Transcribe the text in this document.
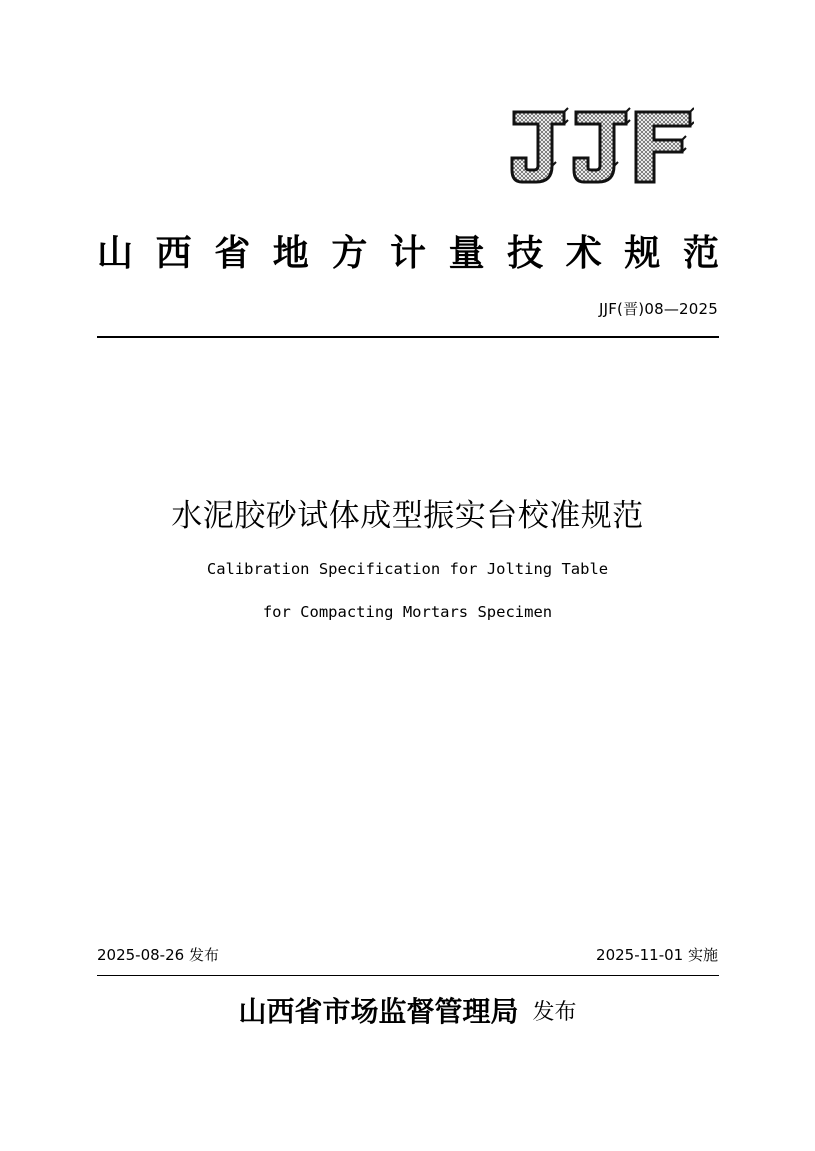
山 西 省 地 方 计 量 技 术 规 范
JJF(晋)08—2025
水泥胶砂试体成型振实台校准规范
Calibration Specification for Jolting Table
for Compacting Mortars Specimen
2025-08-26 发布	2025-11-01 实施
山西省市场监督管理局 发布
